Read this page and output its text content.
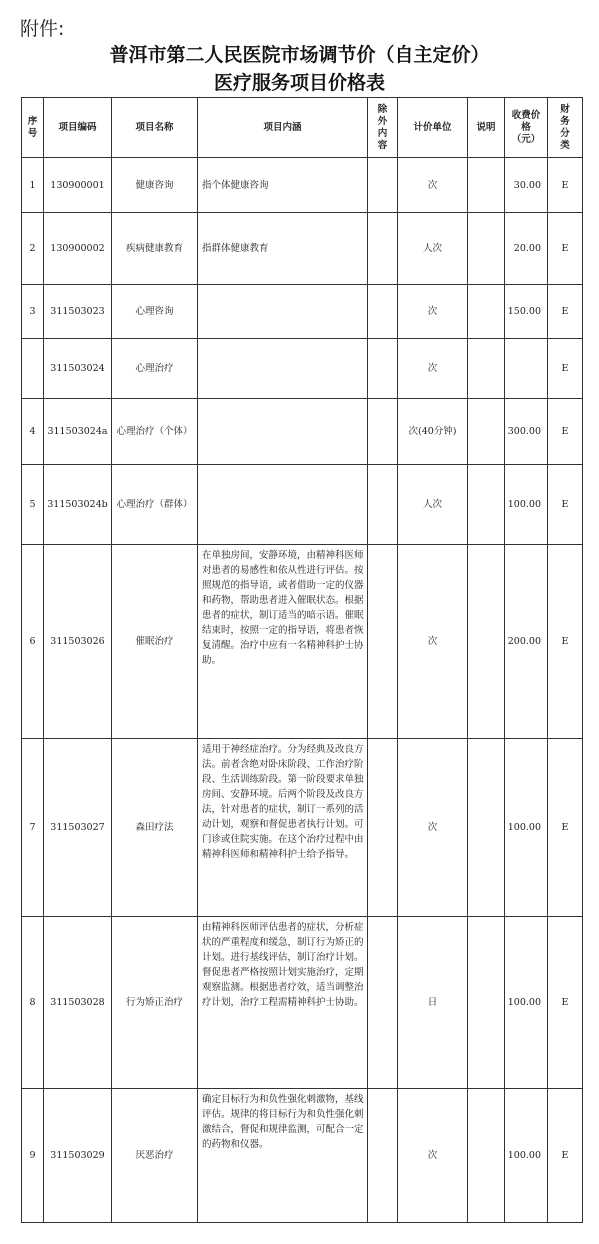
附件:
普洱市第二人民医院市场调节价（自主定价）
医疗服务项目价格表
序号	项目编码	项目名称	项目内涵	除外内容	计价单位	说明	收费价格（元）	财务分类
1	130900001	健康咨询	指个体健康咨询		次		30.00	E
2	130900002	疾病健康教育	指群体健康教育		人次		20.00	E
3	311503023	心理咨询			次		150.00	E
	311503024	心理治疗			次			E
4	311503024a	心理治疗（个体）			次(40分钟)		300.00	E
5	311503024b	心理治疗（群体）			人次		100.00	E
6	311503026	催眠治疗	在单独房间，安静环境，由精神科医师对患者的易感性和依从性进行评估。按照规范的指导语，或者借助一定的仪器和药物，帮助患者进入催眠状态。根据患者的症状，制订适当的暗示语。催眠结束时，按照一定的指导语，将患者恢复清醒。治疗中应有一名精神科护士协助。		次		200.00	E
7	311503027	森田疗法	适用于神经症治疗。分为经典及改良方法。前者含绝对卧床阶段、工作治疗阶段、生活训练阶段。第一阶段要求单独房间、安静环境。后两个阶段及改良方法，针对患者的症状，制订一系列的活动计划，观察和督促患者执行计划。可门诊或住院实施。在这个治疗过程中由精神科医师和精神科护士给予指导。		次		100.00	E
8	311503028	行为矫正治疗	由精神科医师评估患者的症状，分析症状的严重程度和缓急，制订行为矫正的计划。进行基线评估，制订治疗计划。督促患者严格按照计划实施治疗，定期观察监测。根据患者疗效，适当调整治疗计划，治疗工程需精神科护士协助。		日		100.00	E
9	311503029	厌恶治疗	确定目标行为和负性强化刺激物，基线评估。规律的将目标行为和负性强化刺激结合，督促和规律监测，可配合一定的药物和仪器。		次		100.00	E
